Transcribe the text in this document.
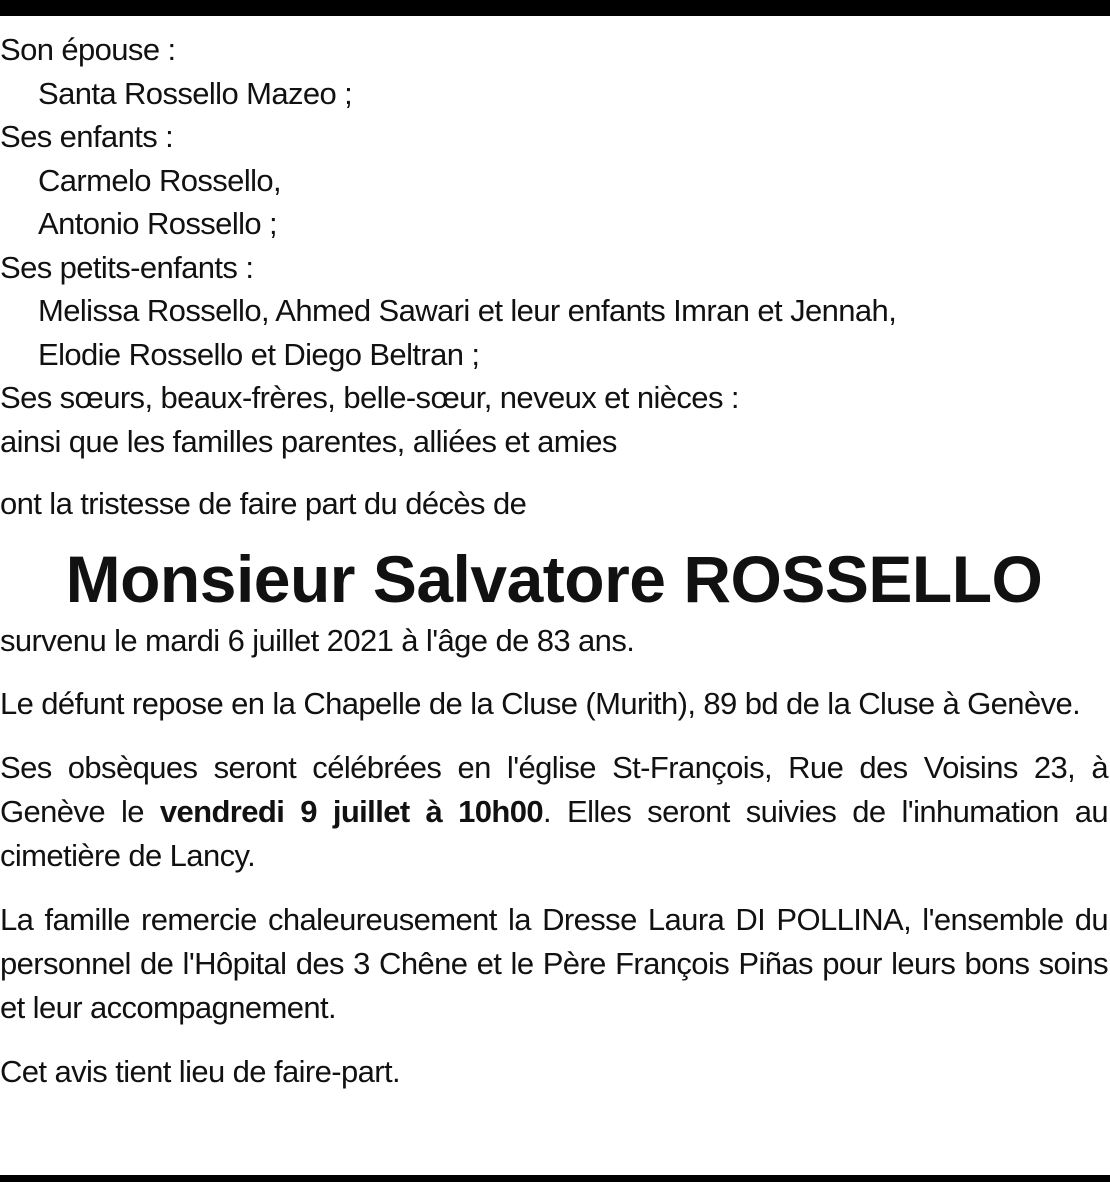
Son épouse :
Santa Rossello Mazeo ;
Ses enfants :
Carmelo Rossello,
Antonio Rossello ;
Ses petits-enfants :
Melissa Rossello, Ahmed Sawari et leur enfants Imran et Jennah,
Elodie Rossello et Diego Beltran ;
Ses sœurs, beaux-frères, belle-sœur, neveux et nièces :
ainsi que les familles parentes, alliées et amies
ont la tristesse de faire part du décès de
Monsieur Salvatore ROSSELLO
survenu le mardi 6 juillet 2021 à l'âge de 83 ans.
Le défunt repose en la Chapelle de la Cluse (Murith), 89 bd de la Cluse à Genève.
Ses obsèques seront célébrées en l'église St-François, Rue des Voisins 23, à Genève le vendredi 9 juillet à 10h00. Elles seront suivies de l'inhumation au cimetière de Lancy.
La famille remercie chaleureusement la Dresse Laura DI POLLINA, l'ensemble du personnel de l'Hôpital des 3 Chêne et le Père François Piñas pour leurs bons soins et leur accompagnement.
Cet avis tient lieu de faire-part.
